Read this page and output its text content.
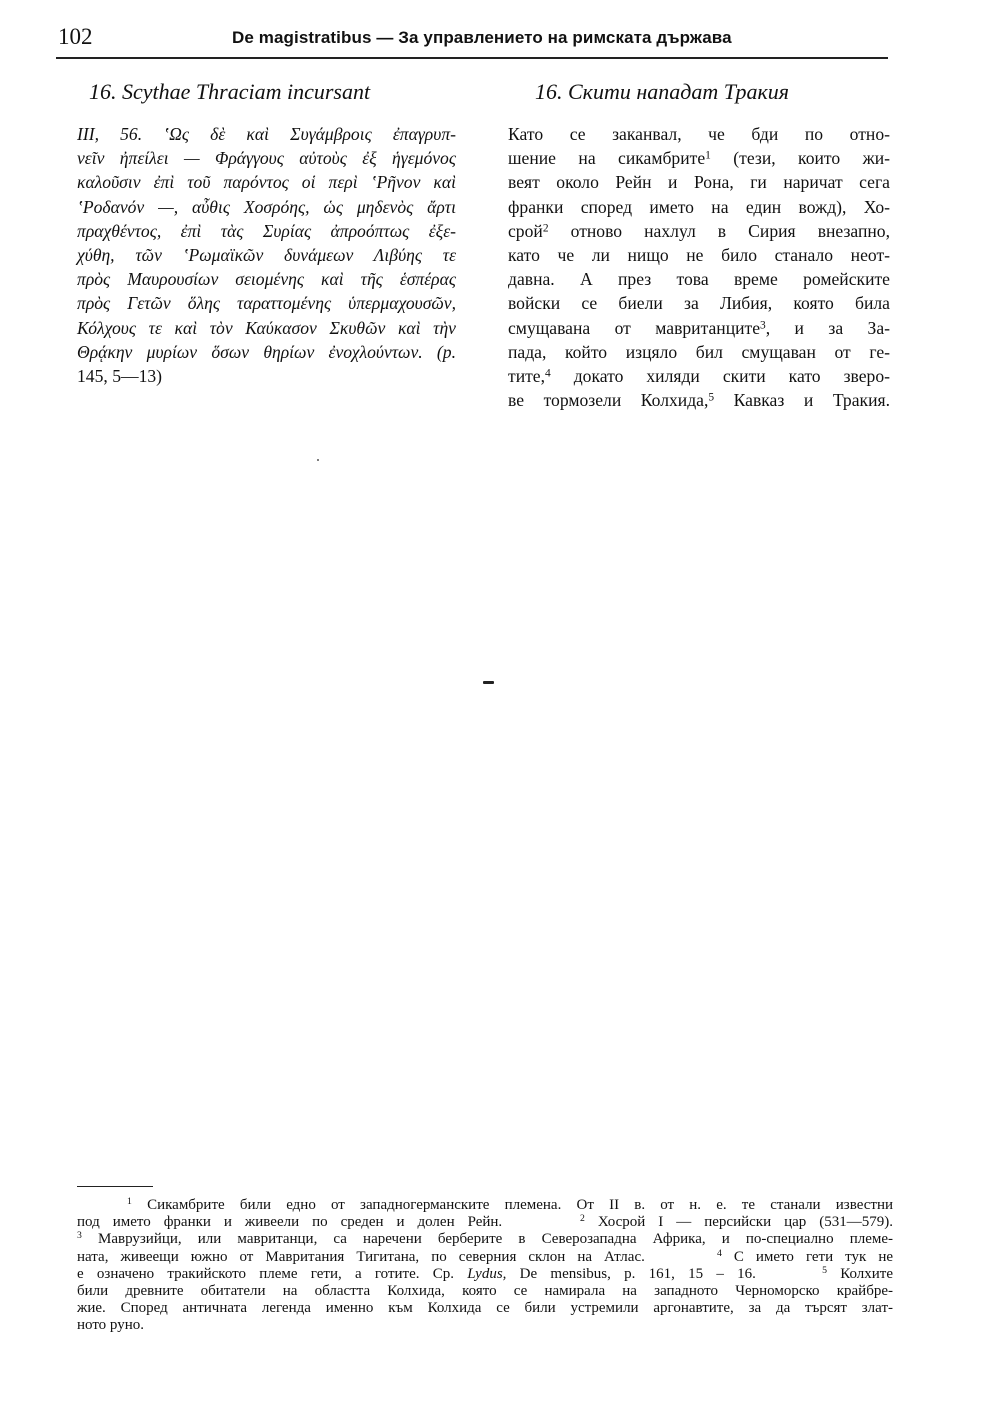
102	De magistratibus — За управлението на римската държава
16. Scythae Thraciam incursant	16. Скити нападат Тракия
III, 56. ʽΩς δὲ καὶ Συγάμβροις ἐπαγρυπ-
νεῖν ἠπείλει — Φράγγους αὐτοὺς ἐξ ἡγεμόνος
καλοῦσιν ἐπὶ τοῦ παρόντος οἱ περὶ ʽΡῆνον καὶ
ʽΡοδανόν —, αὖθις Χοσρόης, ὡς μηδενὸς ἄρτι
πραχθέντος, ἐπὶ τὰς Συρίας ἀπροόπτως ἐξε-
χύθη, τῶν ʽΡωμαϊκῶν δυνάμεων Λιβύης τε
πρὸς Μαυρουσίων σειομένης καὶ τῆς ἑσπέρας
πρὸς Γετῶν ὅλης ταραττομένης ὑπερμαχουσῶν,
Κόλχους τε καὶ τὸν Καύκασον Σκυθῶν καὶ τὴν
Θρᾴκην μυρίων ὅσων θηρίων ἐνοχλούντων. (p.
145, 5—13)
Като се заканвал, че бди по отно-
шение на сикамбрите$^1$ (тези, които жи-
веят около Рейн и Рона, ги наричат сега
франки според името на един вожд), Хо-
срой$^2$ отново нахлул в Сирия внезапно,
като че ли нищо не било станало неот-
давна. А през това време ромейските
войски се биели за Либия, която била
смущавана от мавританците$^3$, и за За-
пада, който изцяло бил смущаван от ге-
тите,$^4$ докато хиляди скити като зверо-
ве тормозели Колхида,$^5$ Кавказ и Тракия.
$^1$ Сикамбрите били едно от западногерманските племена. От II в. от н. е. те станали известни
под името франки и живеели по среден и долен Рейн.	$^2$ Хосрой I — персийски цар (531—579).
$^3$ Маврузийци, или мавританци, са наречени берберите в Северозападна Африка, и по-специално племе-
ната, живеещи южно от Мавритания Тигитана, по северния склон на Атлас.	$^4$ С името гети тук не
е означено тракийското племе гети, а готите. Ср. Lydus, De mensibus, p. 161, 15 – 16.	$^5$ Колхите
били древните обитатели на областта Колхида, която се намирала на западното Черноморско крайбре-
жие. Според античната легенда именно към Колхида се били устремили аргонавтите, за да търсят злат-
ното руно.
